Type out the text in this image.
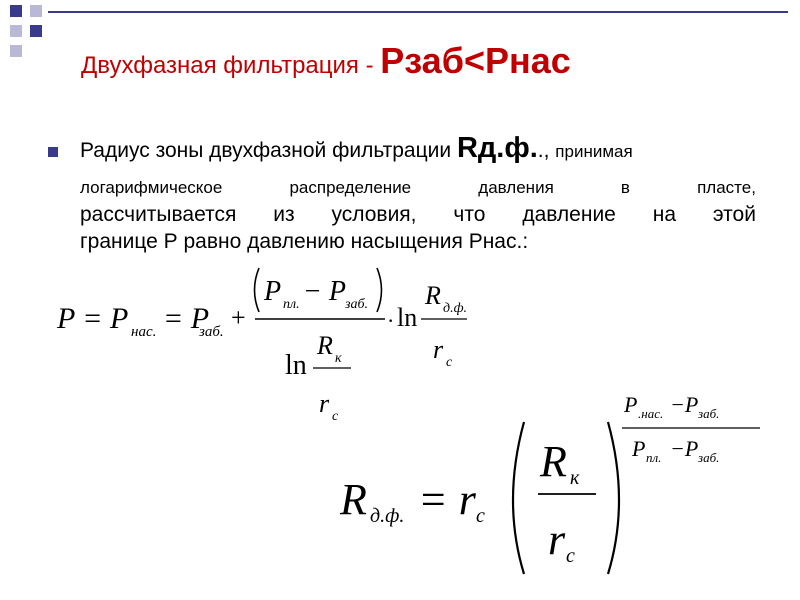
Двухфазная фильтрация - Рзаб<Рнас
Радиус зоны двухфазной фильтрации Rд.ф.., принимая
логарифмическое	распределение	давления	в	пласте,
рассчитывается из условия, что давление на этой
границе Р равно давлению насыщения Рнас.:
P = P нас. = P
заб. +
P пл. − P заб.
ln
R к
r с
· ln
R д.ф.
r с
R д.ф. = r с
R к
r с
P .нас. −P заб.
P пл. −P заб.
